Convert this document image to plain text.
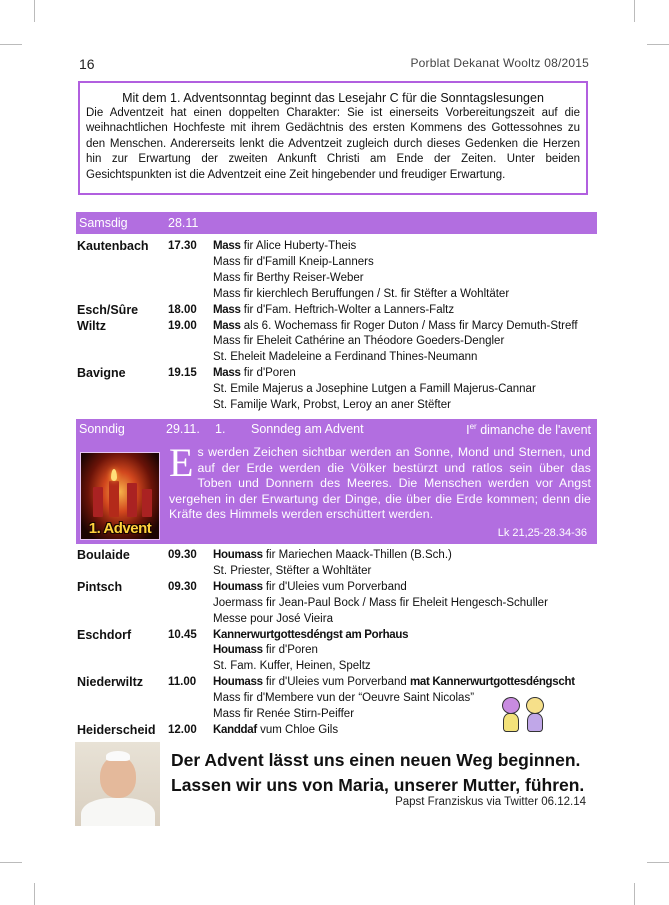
16	Porblat Dekanat Wooltz 08/2015
Mit dem 1. Adventsonntag beginnt das Lesejahr C für die Sonntagslesungen
Die Adventzeit hat einen doppelten Charakter: Sie ist einerseits Vorbereitungszeit auf die weihnachtlichen Hochfeste mit ihrem Gedächtnis des ersten Kommens des Gottessohnes zu den Menschen. Andererseits lenkt die Adventzeit zugleich durch dieses Gedenken die Herzen hin zur Erwartung der zweiten Ankunft Christi am Ende der Zeiten. Unter beiden Gesichtspunkten ist die Adventzeit eine Zeit hingebender und freudiger Erwartung.
Samsdig	28.11
Kautenbach 17.30 Mass fir Alice Huberty-Theis
Mass fir d'Famill Kneip-Lanners
Mass fir Berthy Reiser-Weber
Mass fir kierchlech Beruffungen / St. fir Stëfter a Wohltäter
Esch/Sûre	18.00 Mass fir d'Fam. Heftrich-Wolter a Lanners-Faltz
Wiltz	19.00 Mass als 6. Wochemass fir Roger Duton / Mass fir Marcy Demuth-Streff
Mass fir Eheleit Cathérine an Théodore Goeders-Dengler
St. Eheleit Madeleine a Ferdinand Thines-Neumann
Bavigne	19.15 Mass fir d'Poren
St. Emile Majerus a Josephine Lutgen a Famill Majerus-Cannar
St. Familje Wark, Probst, Leroy an aner Stëfter
Sonndig	29.11. 1. Sonndeg am Advent	Ier dimanche de l'avent
1. Advent
Es werden Zeichen sichtbar werden an Sonne, Mond und Sternen, und auf der Erde werden die Völker bestürzt und ratlos sein über das Toben und Donnern des Meeres. Die Menschen werden vor Angst vergehen in der Erwartung der Dinge, die über die Erde kommen; denn die Kräfte des Himmels werden erschüttert werden.
Lk 21,25-28.34-36
Boulaide	09.30 Houmass fir Mariechen Maack-Thillen (B.Sch.)
St. Priester, Stëfter a Wohltäter
Pintsch	09.30 Houmass fir d'Uleies vum Porverband
Joermass fir Jean-Paul Bock / Mass fir Eheleit Hengesch-Schuller
Messe pour José Vieira
Eschdorf	10.45 Kannerwurtgottesdéngst am Porhaus
Houmass fir d'Poren
St. Fam. Kuffer, Heinen, Speltz
Niederwiltz 11.00 Houmass fir d'Uleies vum Porverband mat Kannerwurtgottesdéngscht
Mass fir d'Membere vun der “Oeuvre Saint Nicolas”
Mass fir Renée Stirn-Peiffer
Heiderscheid 12.00 Kanddaf vum Chloe Gils
Der Advent lässt uns einen neuen Weg beginnen.
Lassen wir uns von Maria, unserer Mutter, führen.
Papst Franziskus via Twitter 06.12.14
